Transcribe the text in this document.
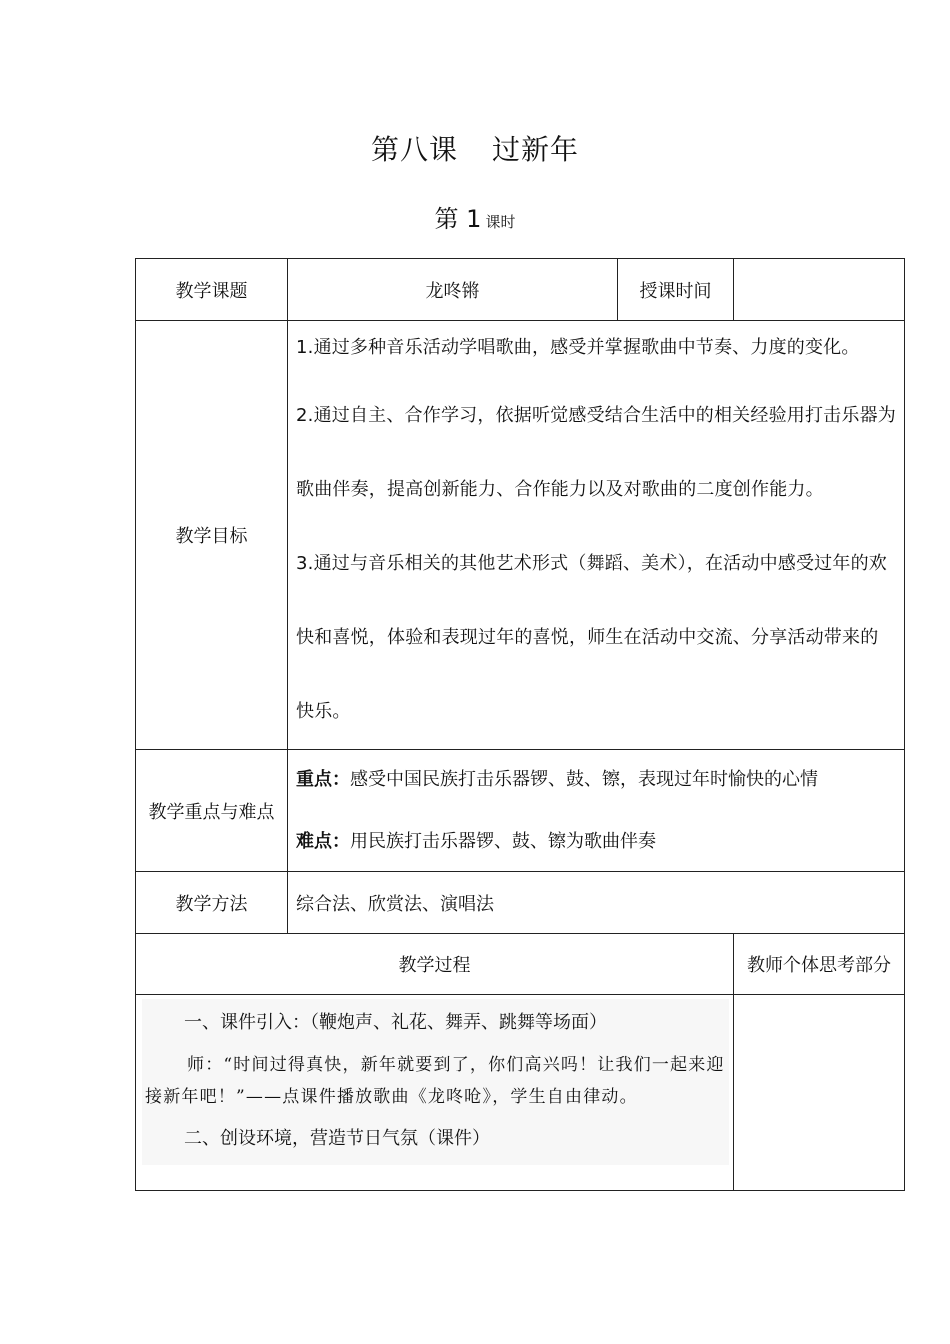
第八课 过新年
第 1 课时
教学课题	龙咚锵	授课时间	
教学目标	1.通过多种音乐活动学唱歌曲，感受并掌握歌曲中节奏、力度的变化。

2.通过自主、合作学习，依据听觉感受结合生活中的相关经验用打击乐器为歌曲伴奏，提高创新能力、合作能力以及对歌曲的二度创作能力。

3.通过与音乐相关的其他艺术形式（舞蹈、美术），在活动中感受过年的欢快和喜悦，体验和表现过年的喜悦，师生在活动中交流、分享活动带来的快乐。		

教学重点与难点	重点：感受中国民族打击乐器锣、鼓、镲，表现过年时愉快的心情

难点：用民族打击乐器锣、鼓、镲为歌曲伴奏		

教学方法	综合法、欣赏法、演唱法		
教学过程			教师个体思考部分

一、课件引入：（鞭炮声、礼花、舞弄、跳舞等场面）

师：“时间过得真快，新年就要到了，你们高兴吗！让我们一起来迎接新年吧！”——点课件播放歌曲《龙咚呛》，学生自由律动。

二、创设环境，营造节日气氛（课件）			
